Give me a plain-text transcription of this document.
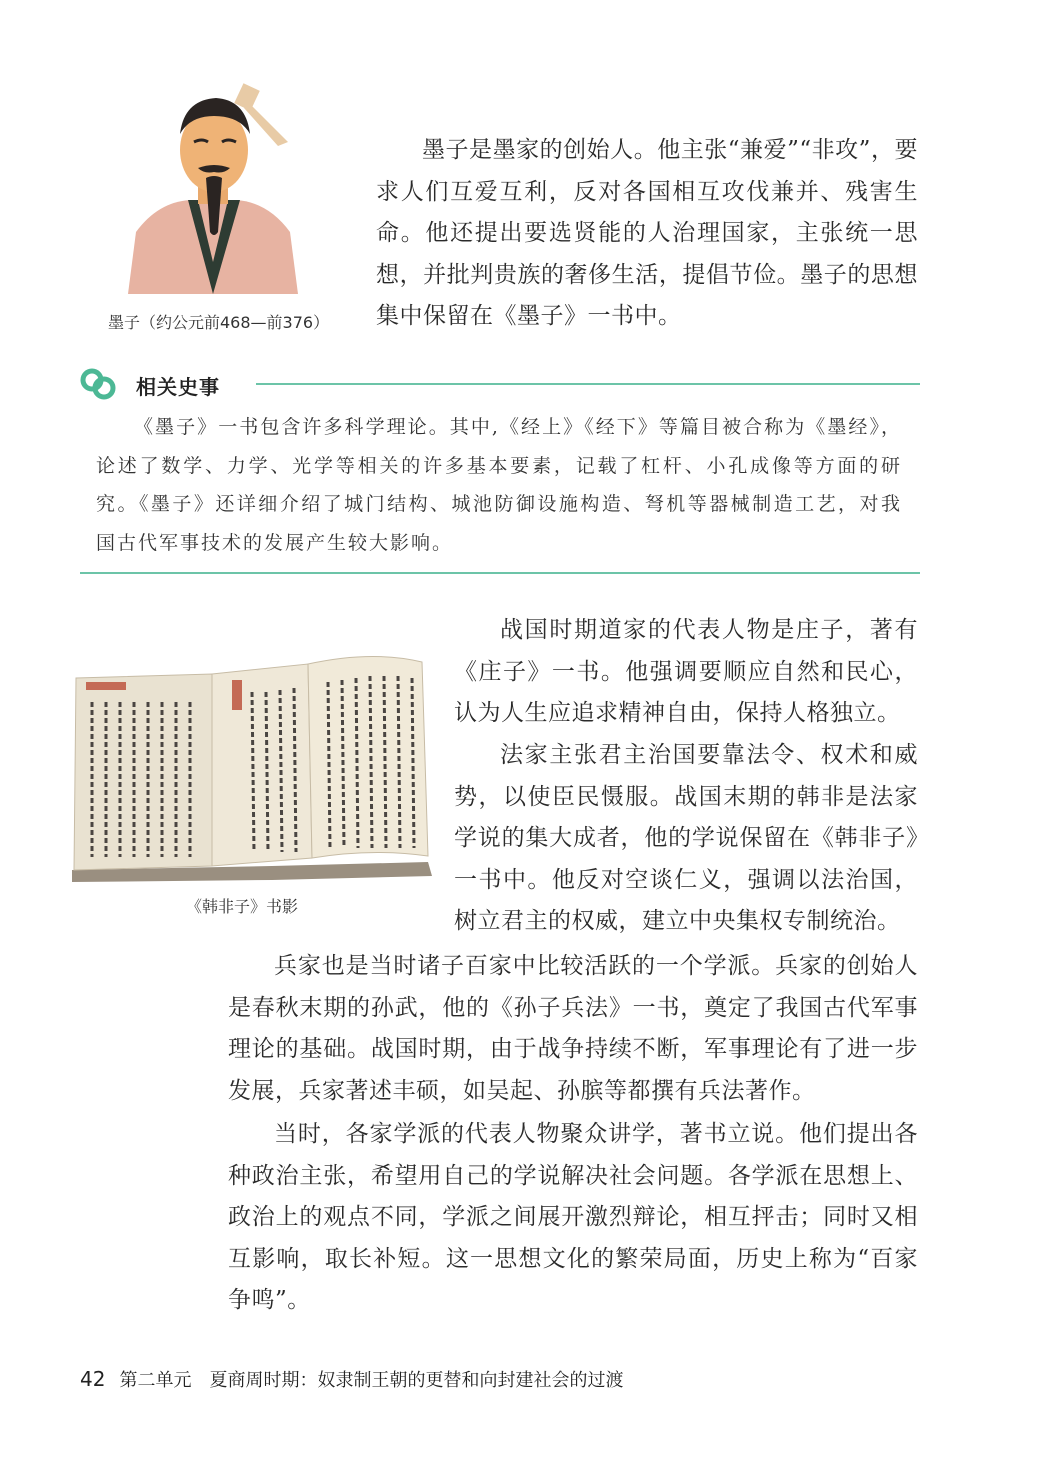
墨子（约公元前468—前376）

墨子是墨家的创始人。他主张“兼爱”“非攻”，要求人们互爱互利，反对各国相互攻伐兼并、残害生命。他还提出要选贤能的人治理国家，主张统一思想，并批判贵族的奢侈生活，提倡节俭。墨子的思想集中保留在《墨子》一书中。

相关史事

《墨子》一书包含许多科学理论。其中,《经上》《经下》等篇目被合称为《墨经》，论述了数学、力学、光学等相关的许多基本要素，记载了杠杆、小孔成像等方面的研究。《墨子》还详细介绍了城门结构、城池防御设施构造、弩机等器械制造工艺，对我国古代军事技术的发展产生较大影响。

《韩非子》书影

战国时期道家的代表人物是庄子，著有《庄子》一书。他强调要顺应自然和民心，认为人生应追求精神自由，保持人格独立。

法家主张君主治国要靠法令、权术和威势，以使臣民慑服。战国末期的韩非是法家学说的集大成者，他的学说保留在《韩非子》一书中。他反对空谈仁义，强调以法治国，树立君主的权威，建立中央集权专制统治。

兵家也是当时诸子百家中比较活跃的一个学派。兵家的创始人是春秋末期的孙武，他的《孙子兵法》一书，奠定了我国古代军事理论的基础。战国时期，由于战争持续不断，军事理论有了进一步发展，兵家著述丰硕，如吴起、孙膑等都撰有兵法著作。

当时，各家学派的代表人物聚众讲学，著书立说。他们提出各种政治主张，希望用自己的学说解决社会问题。各学派在思想上、政治上的观点不同，学派之间展开激烈辩论，相互抨击；同时又相互影响，取长补短。这一思想文化的繁荣局面，历史上称为“百家争鸣”。

42 第二单元 夏商周时期：奴隶制王朝的更替和向封建社会的过渡
